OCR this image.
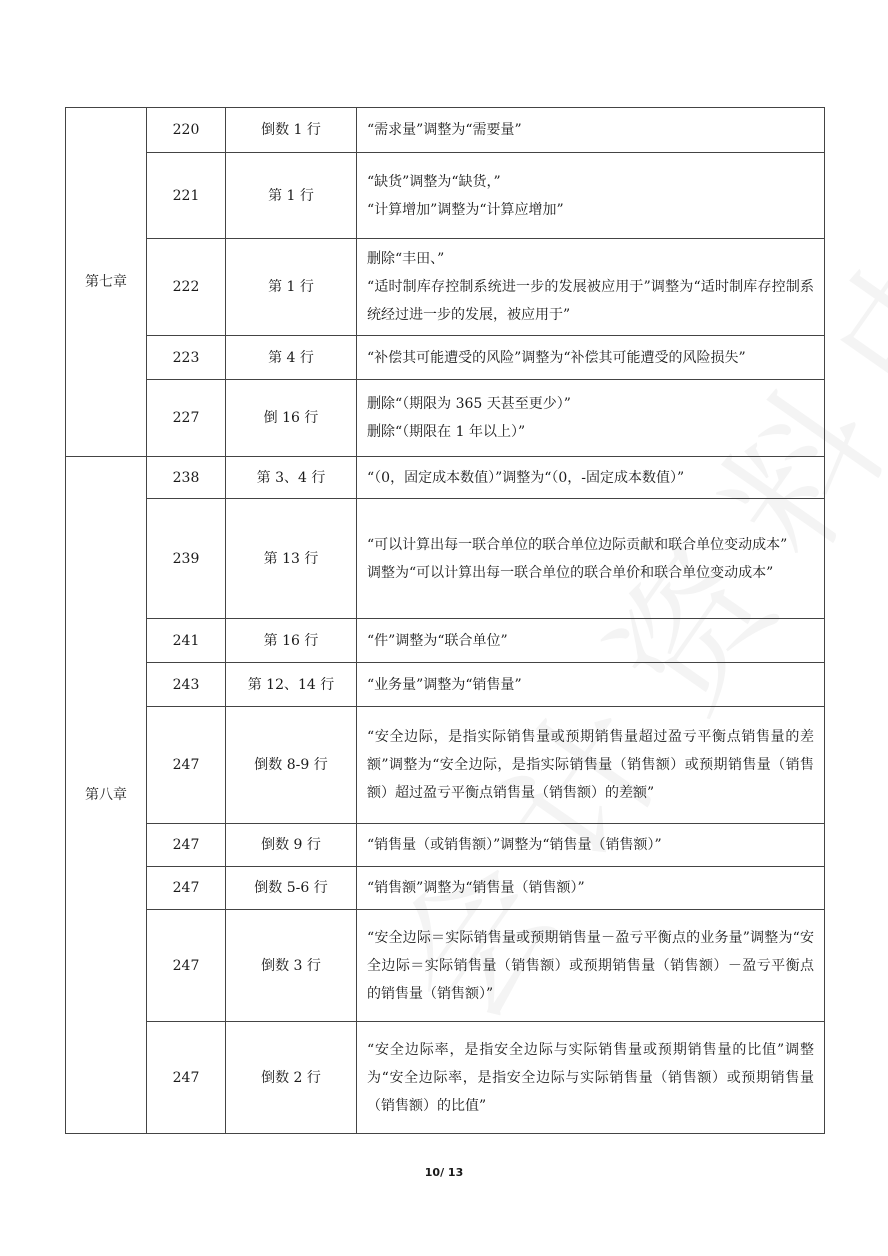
第七章	220	倒数 1 行	“需求量”调整为“需要量”

	221	第 1 行	“缺货”调整为“缺货，”
“计算增加”调整为“计算应增加”

	222	第 1 行	删除“丰田、”
“适时制库存控制系统进一步的发展被应用于”调整为“适时制库存控制系统经过进一步的发展，被应用于”

	223	第 4 行	“补偿其可能遭受的风险”调整为“补偿其可能遭受的风险损失”

	227	倒 16 行	删除“（期限为 365 天甚至更少）”
删除“（期限在 1 年以上）”

第八章	238	第 3、4 行	“（0，固定成本数值）”调整为“（0，-固定成本数值）”

	239	第 13 行	“可以计算出每一联合单位的联合单位边际贡献和联合单位变动成本”
调整为“可以计算出每一联合单位的联合单价和联合单位变动成本”

	241	第 16 行	“件”调整为“联合单位”

	243	第 12、14 行	“业务量”调整为“销售量”

	247	倒数 8-9 行	“安全边际，是指实际销售量或预期销售量超过盈亏平衡点销售量的差额”调整为“安全边际，是指实际销售量（销售额）或预期销售量（销售额）超过盈亏平衡点销售量（销售额）的差额”

	247	倒数 9 行	“销售量（或销售额）”调整为“销售量（销售额）”

	247	倒数 5-6 行	“销售额”调整为“销售量（销售额）”

	247	倒数 3 行	“安全边际＝实际销售量或预期销售量－盈亏平衡点的业务量”调整为“安全边际＝实际销售量（销售额）或预期销售量（销售额）－盈亏平衡点的销售量（销售额）”

	247	倒数 2 行	“安全边际率，是指安全边际与实际销售量或预期销售量的比值”调整为“安全边际率，是指安全边际与实际销售量（销售额）或预期销售量（销售额）的比值”
10/ 13
